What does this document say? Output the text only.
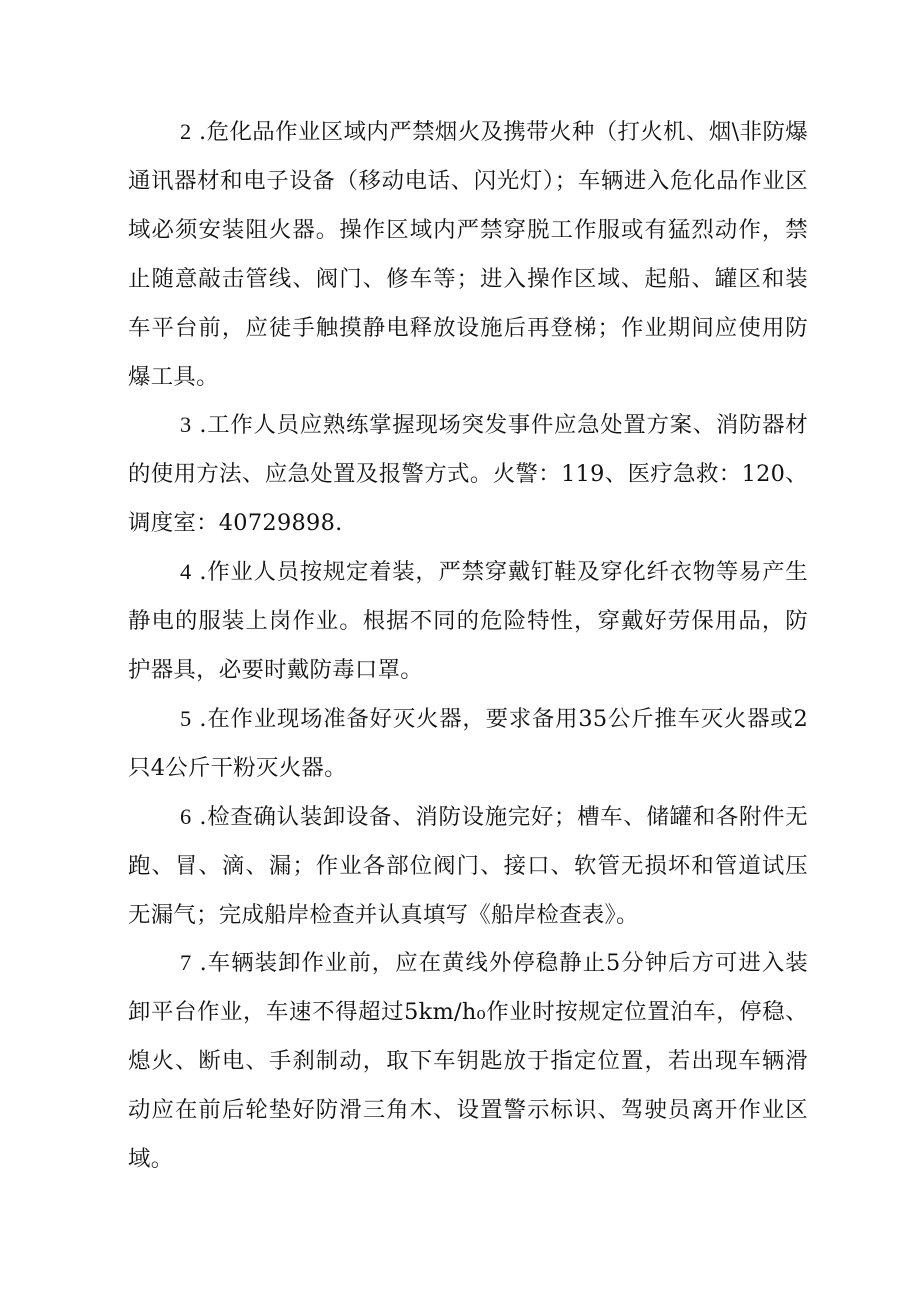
2 .危化品作业区域内严禁烟火及携带火种（打火机、烟\非防爆通讯器材和电子设备（移动电话、闪光灯）；车辆进入危化品作业区域必须安装阻火器。操作区域内严禁穿脱工作服或有猛烈动作，禁止随意敲击管线、阀门、修车等；进入操作区域、起船、罐区和装车平台前，应徒手触摸静电释放设施后再登梯；作业期间应使用防爆工具。

3 .工作人员应熟练掌握现场突发事件应急处置方案、消防器材的使用方法、应急处置及报警方式。火警：119、医疗急救：120、调度室：40729898.

4 .作业人员按规定着装，严禁穿戴钉鞋及穿化纤衣物等易产生静电的服装上岗作业。根据不同的危险特性，穿戴好劳保用品，防护器具，必要时戴防毒口罩。

5 .在作业现场准备好灭火器，要求备用35公斤推车灭火器或2只4公斤干粉灭火器。

6 .检查确认装卸设备、消防设施完好；槽车、储罐和各附件无跑、冒、滴、漏；作业各部位阀门、接口、软管无损坏和管道试压无漏气；完成船岸检查并认真填写《船岸检查表》。

7 .车辆装卸作业前，应在黄线外停稳静止5分钟后方可进入装卸平台作业，车速不得超过5km∕h₀作业时按规定位置泊车，停稳、熄火、断电、手刹制动，取下车钥匙放于指定位置，若出现车辆滑动应在前后轮垫好防滑三角木、设置警示标识、驾驶员离开作业区域。
